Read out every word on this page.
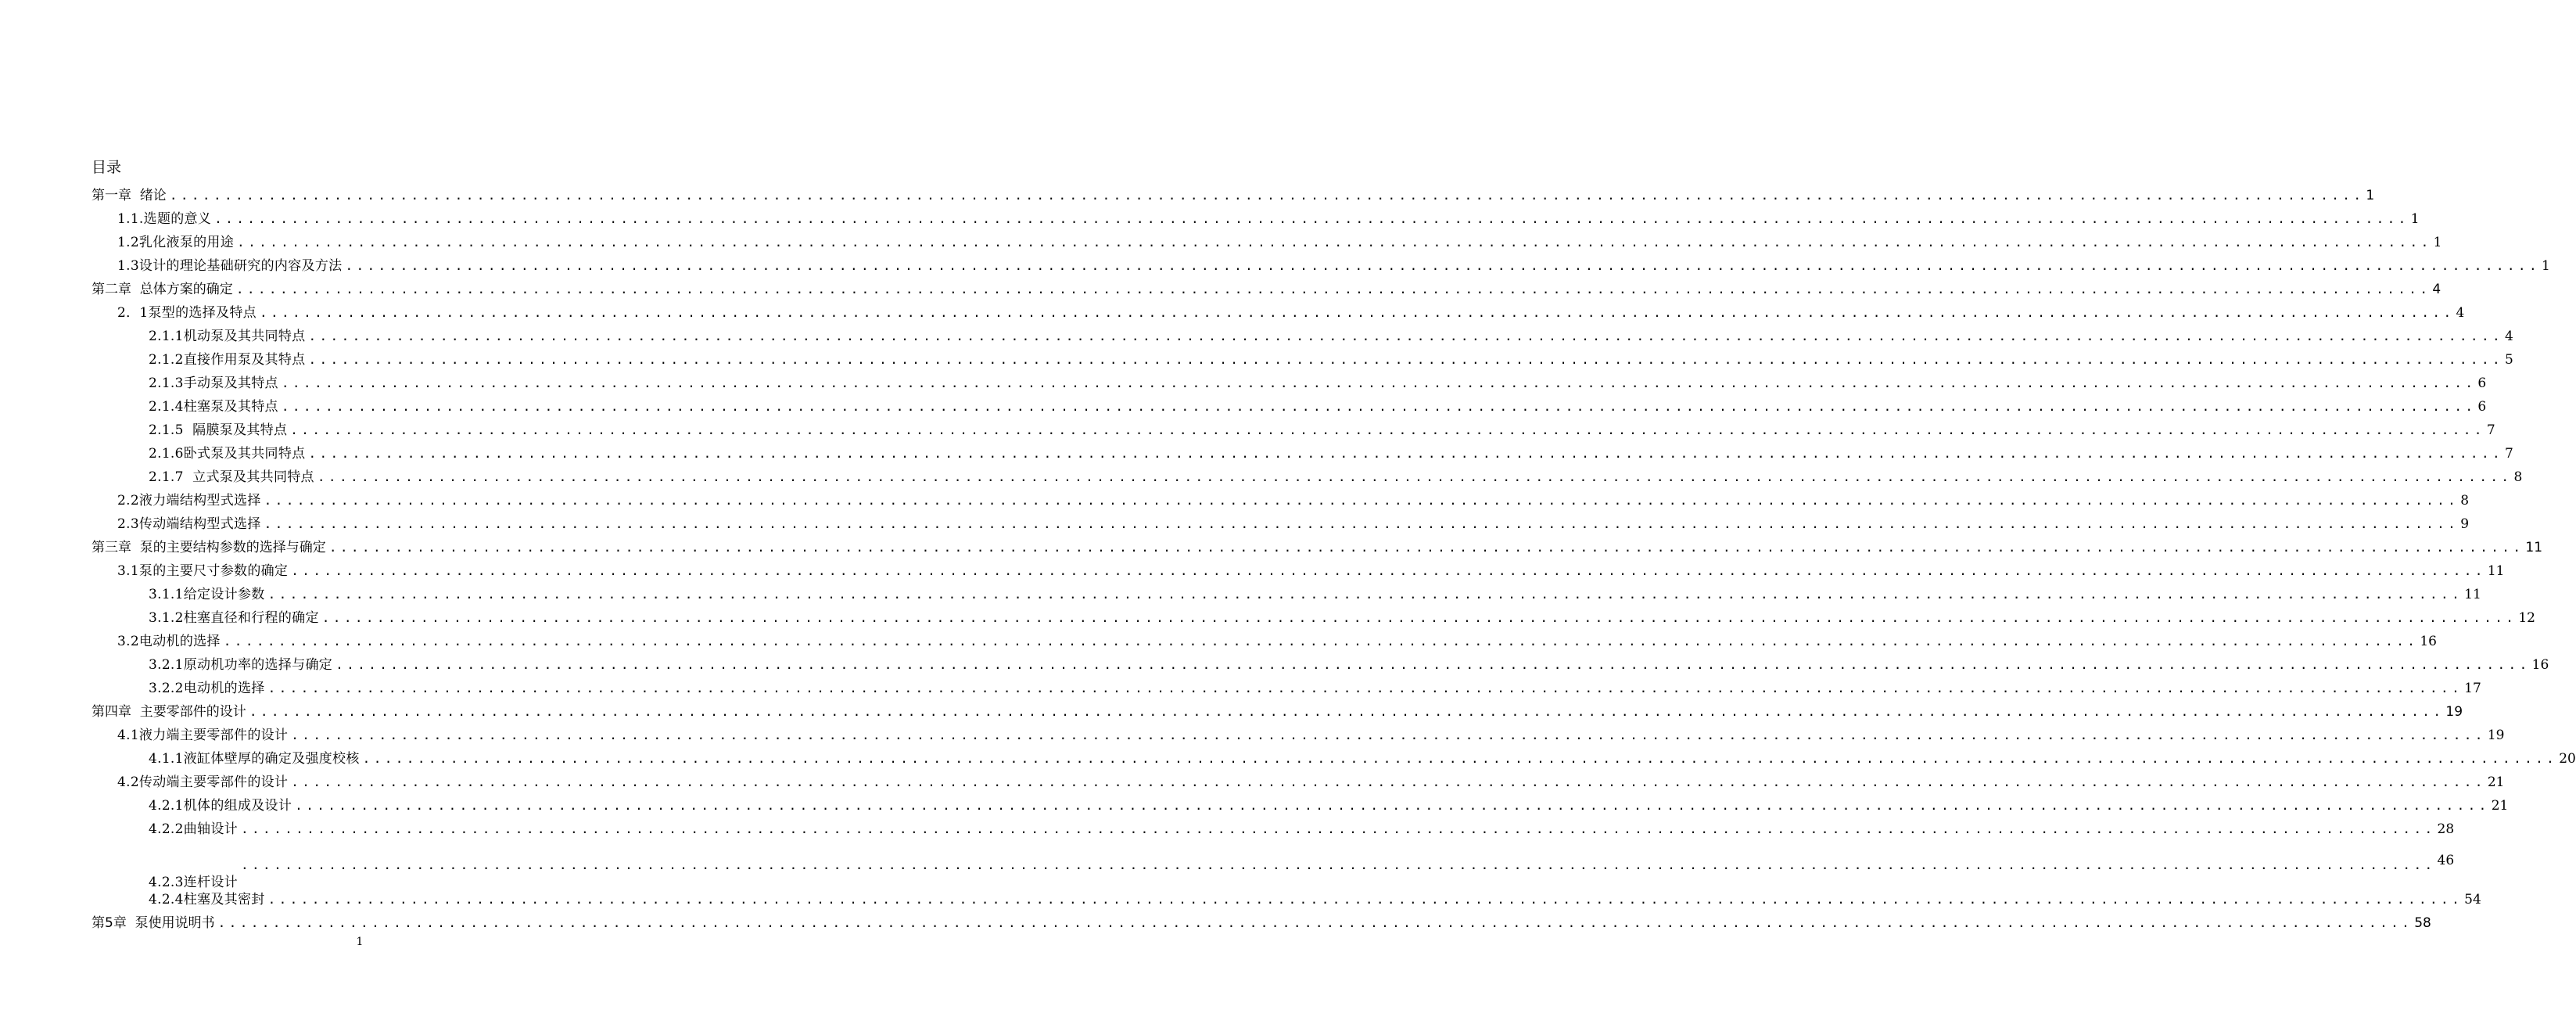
目录
第一章  绪论 ........................................................................................................................................................................................................ 1
1.1.选题的意义 ........................................................................................................................................................................................................ 1
1.2乳化液泵的用途 ........................................................................................................................................................................................................ 1
1.3设计的理论基础研究的内容及方法 ........................................................................................................................................................................................................ 1
第二章  总体方案的确定 ........................................................................................................................................................................................................ 4
2．1泵型的选择及特点 ........................................................................................................................................................................................................ 4
2.1.1机动泵及其共同特点 ........................................................................................................................................................................................................ 4
2.1.2直接作用泵及其特点 ........................................................................................................................................................................................................ 5
2.1.3手动泵及其特点 ........................................................................................................................................................................................................ 6
2.1.4柱塞泵及其特点 ........................................................................................................................................................................................................ 6
2.1.5  隔膜泵及其特点 ........................................................................................................................................................................................................ 7
2.1.6卧式泵及其共同特点 ........................................................................................................................................................................................................ 7
2.1.7  立式泵及其共同特点 ........................................................................................................................................................................................................ 8
2.2液力端结构型式选择 ........................................................................................................................................................................................................ 8
2.3传动端结构型式选择 ........................................................................................................................................................................................................ 9
第三章  泵的主要结构参数的选择与确定 ........................................................................................................................................................................................................ 11
3.1泵的主要尺寸参数的确定 ........................................................................................................................................................................................................ 11
3.1.1给定设计参数 ........................................................................................................................................................................................................ 11
3.1.2柱塞直径和行程的确定 ........................................................................................................................................................................................................ 12
3.2电动机的选择 ........................................................................................................................................................................................................ 16
3.2.1原动机功率的选择与确定 ........................................................................................................................................................................................................ 16
3.2.2电动机的选择 ........................................................................................................................................................................................................ 17
第四章  主要零部件的设计 ........................................................................................................................................................................................................ 19
4.1液力端主要零部件的设计 ........................................................................................................................................................................................................ 19
4.1.1液缸体壁厚的确定及强度校核 ........................................................................................................................................................................................................ 20
4.2传动端主要零部件的设计 ........................................................................................................................................................................................................ 21
4.2.1机体的组成及设计 ........................................................................................................................................................................................................ 21
4.2.2曲轴设计 ........................................................................................................................................................................................................ 28
4.2.3连杆设计
........................................................................................................................................................................................................ 46
4.2.4柱塞及其密封 ........................................................................................................................................................................................................ 54
第5章  泵使用说明书 ........................................................................................................................................................................................................ 58
1
